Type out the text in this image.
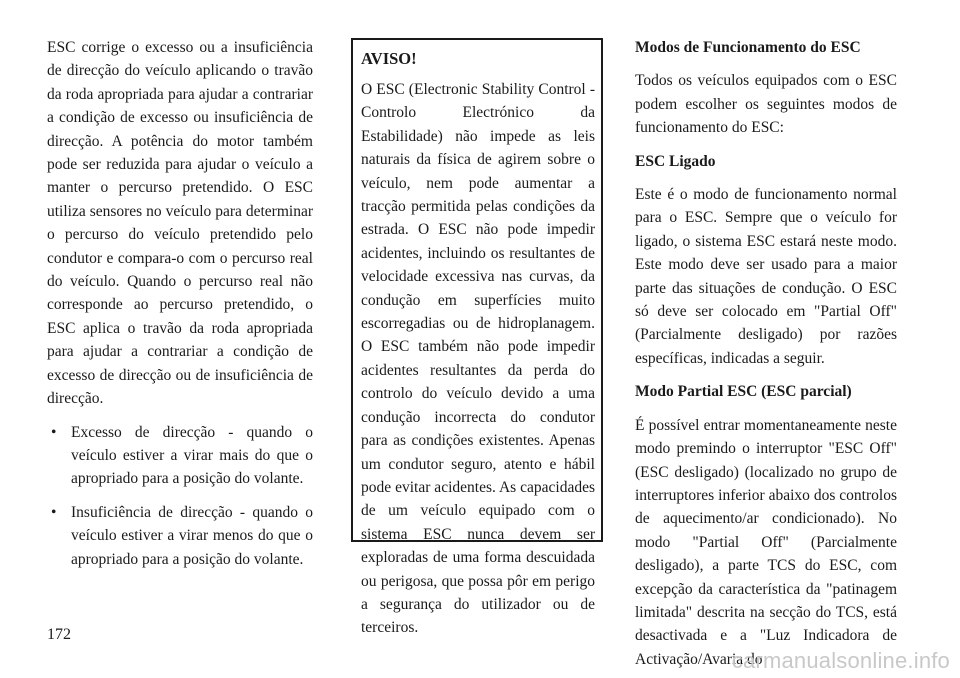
ESC corrige o excesso ou a insuficiência de direcção do veículo aplicando o travão da roda apropriada para ajudar a contrariar a condição de excesso ou insuficiência de direcção. A potência do motor também pode ser reduzida para ajudar o veículo a manter o percurso pretendido. O ESC utiliza sensores no veículo para determinar o percurso do veículo pretendido pelo condutor e compara-o com o percurso real do veículo. Quando o percurso real não corresponde ao percurso pretendido, o ESC aplica o travão da roda apropriada para ajudar a contrariar a condição de excesso de direcção ou de insuficiência de direcção.

• Excesso de direcção - quando o veículo estiver a virar mais do que o apropriado para a posição do volante.
• Insuficiência de direcção - quando o veículo estiver a virar menos do que o apropriado para a posição do volante.
AVISO!

O ESC (Electronic Stability Control - Controlo Electrónico da Estabilidade) não impede as leis naturais da física de agirem sobre o veículo, nem pode aumentar a tracção permitida pelas condições da estrada. O ESC não pode impedir acidentes, incluindo os resultantes de velocidade excessiva nas curvas, da condução em superfícies muito escorregadias ou de hidroplanagem. O ESC também não pode impedir acidentes resultantes da perda do controlo do veículo devido a uma condução incorrecta do condutor para as condições existentes. Apenas um condutor seguro, atento e hábil pode evitar acidentes. As capacidades de um veículo equipado com o sistema ESC nunca devem ser exploradas de uma forma descuidada ou perigosa, que possa pôr em perigo a segurança do utilizador ou de terceiros.

Modos de Funcionamento do ESC

Todos os veículos equipados com o ESC podem escolher os seguintes modos de funcionamento do ESC:

ESC Ligado

Este é o modo de funcionamento normal para o ESC. Sempre que o veículo for ligado, o sistema ESC estará neste modo. Este modo deve ser usado para a maior parte das situações de condução. O ESC só deve ser colocado em "Partial Off" (Parcialmente desligado) por razões específicas, indicadas a seguir.

Modo Partial ESC (ESC parcial)

É possível entrar momentaneamente neste modo premindo o interruptor "ESC Off" (ESC desligado) (localizado no grupo de interruptores inferior abaixo dos controlos de aquecimento/ar condicionado). No modo "Partial Off" (Parcialmente desligado), a parte TCS do ESC, com excepção da característica da "patinagem limitada" descrita na secção do TCS, está desactivada e a "Luz Indicadora de Activação/Avaria do

172
carmanualsonline.info
